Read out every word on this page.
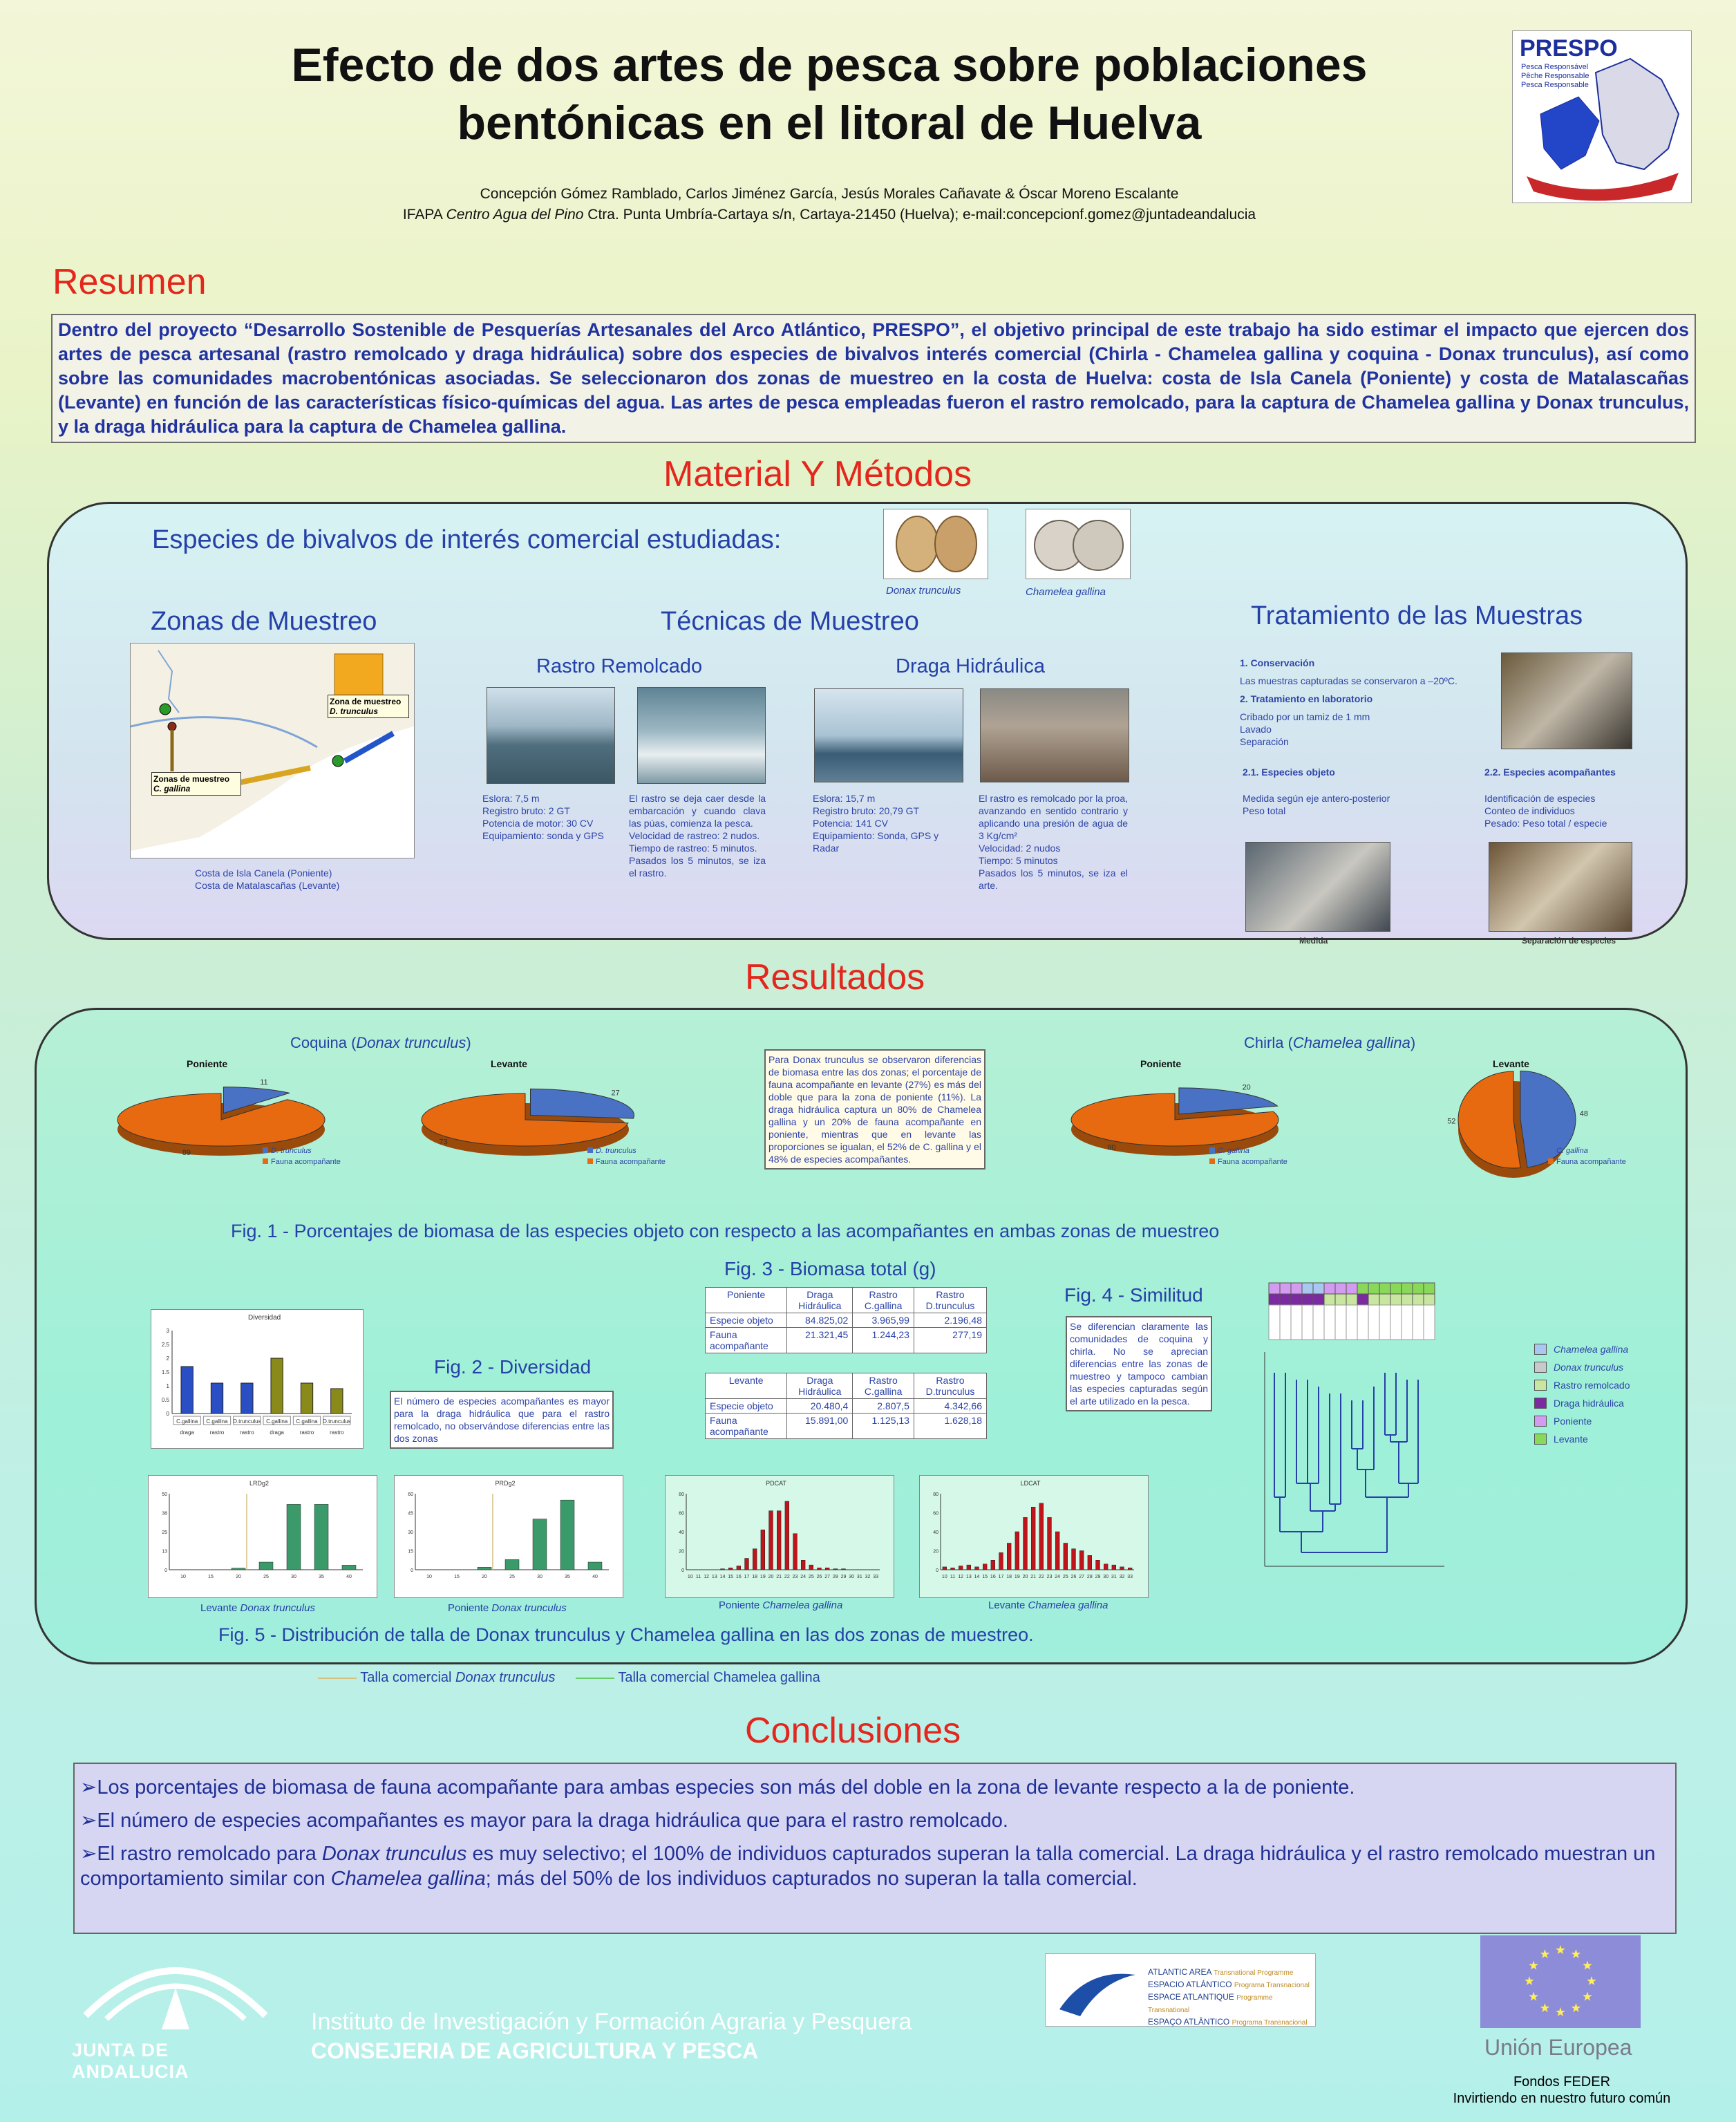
Efecto de dos artes de pesca sobre poblaciones
bentónicas en el litoral de Huelva
Concepción Gómez Ramblado, Carlos Jiménez García, Jesús Morales Cañavate & Óscar Moreno Escalante
IFAPA Centro Agua del Pino Ctra. Punta Umbría-Cartaya s/n, Cartaya-21450 (Huelva); e-mail:concepcionf.gomez@juntadeandalucia
PRESPO
Pesca Responsável
Pêche Responsable
Pesca Responsable
Resumen
Dentro del proyecto “Desarrollo Sostenible de Pesquerías Artesanales del Arco Atlántico, PRESPO”, el objetivo principal de este trabajo ha sido estimar el impacto que ejercen dos artes de pesca artesanal (rastro remolcado y draga hidráulica) sobre dos especies de bivalvos interés comercial (Chirla - Chamelea gallina y coquina - Donax trunculus), así como sobre las comunidades macrobentónicas asociadas. Se seleccionaron dos zonas de muestreo en la costa de Huelva: costa de Isla Canela (Poniente) y costa de Matalascañas (Levante) en función de las características físico-químicas del agua. Las artes de pesca empleadas fueron el rastro remolcado, para la captura de Chamelea gallina y Donax trunculus, y la draga hidráulica para la captura de Chamelea gallina.
Material Y Métodos
Especies de bivalvos de interés comercial estudiadas:
Donax trunculus	Chamelea gallina
Zonas de Muestreo
Zona de muestreo
D. trunculus
Zonas de muestreo
C. gallina
Costa de Isla Canela (Poniente)
Costa de Matalascañas (Levante)
Técnicas de Muestreo
Rastro Remolcado	Draga Hidráulica
Eslora: 7,5 m
Registro bruto: 2 GT
Potencia de motor: 30 CV
Equipamiento: sonda y GPS
El rastro se deja caer desde la embarcación y cuando clava las púas, comienza la pesca.
Velocidad de rastreo: 2 nudos.
Tiempo de rastreo: 5 minutos.
Pasados los 5 minutos, se iza el rastro.
Eslora: 15,7 m
Registro bruto: 20,79 GT
Potencia: 141 CV
Equipamiento: Sonda, GPS y Radar
El rastro es remolcado por la proa, avanzando en sentido contrario y aplicando una presión de agua de 3 Kg/cm²
Velocidad: 2 nudos
Tiempo: 5 minutos
Pasados los 5 minutos, se iza el arte.
Tratamiento de las Muestras
1. Conservación
Las muestras capturadas se conservaron a –20ºC.
2. Tratamiento en laboratorio
Cribado por un tamiz de 1 mm
Lavado
Separación
2.1. Especies objeto
Medida según eje antero-posterior
Peso total
2.2. Especies acompañantes
Identificación de especies
Conteo de individuos
Pesado: Peso total / especie
Medida	Separación de especies
Resultados
Coquina (Donax trunculus)	Chirla (Chamelea gallina)
Poniente
11
89	D. trunculus
Fauna acompañante
Levante
27
73
D. trunculus
Fauna acompañante
Poniente
20
80	C. gallina
Fauna acompañante
Levante
48
52
C. gallina
Fauna acompañante
Para Donax trunculus se observaron diferencias de biomasa entre las dos zonas; el porcentaje de fauna acompañante en levante (27%) es más del doble que para la zona de poniente (11%). La draga hidráulica captura un 80% de Chamelea gallina y un 20% de fauna acompañante en poniente, mientras que en levante las proporciones se igualan, el 52% de C. gallina y el 48% de especies acompañantes.
Fig. 1 - Porcentajes de biomasa de las especies objeto con respecto a las acompañantes en ambas zonas de muestreo
Diversidad
0
0.5
1
1.5
2
2.5
3
C.gallina
draga
C.gallina
rastro
D.trunculus
rastro
C.gallina
draga
C.gallina
rastro
D.trunculus
rastro
Fig. 2 - Diversidad
El número de especies acompañantes es mayor para la draga hidráulica que para el rastro remolcado, no observándose diferencias entre las dos zonas
Fig. 3 - Biomasa total (g)
Poniente	Draga Hidráulica	Rastro C.gallina	Rastro D.trunculus
Especie objeto	84.825,02	3.965,99	2.196,48
Fauna acompañante	21.321,45	1.244,23	277,19
Levante	Draga Hidráulica	Rastro C.gallina	Rastro D.trunculus
Especie objeto	20.480,4	2.807,5	4.342,66
Fauna acompañante	15.891,00	1.125,13	1.628,18
Fig. 4 - Similitud
Se diferencian claramente las comunidades de coquina y chirla. No se aprecian diferencias entre las zonas de muestreo y tampoco cambian las especies capturadas según el arte utilizado en la pesca.
Chamelea gallina
Donax trunculus
Rastro remolcado
Draga hidráulica
Poniente
Levante
LRDg2
10	15	20	25	30	35	40
0
13
25
38
50
PRDg2
10	15	20	25	30	35	40
0
15
30
45
60
PDCAT
10 11 12 13 14 15 16 17 18 19 20 21 22 23 24 25 26 27 28 29 30 31 32 33
0
20
40
60
80
LDCAT
10 11 12 13 14 15 16 17 18 19 20 21 22 23 24 25 26 27 28 29 30 31 32 33
0
20
40
60
80
Levante Donax trunculus	Poniente Donax trunculus	Poniente Chamelea gallina	Levante Chamelea gallina
Fig. 5 - Distribución de talla de Donax trunculus y Chamelea gallina en las dos zonas de muestreo.
Talla comercial Donax trunculus	Talla comercial Chamelea gallina
Conclusiones

➢Los porcentajes de biomasa de fauna acompañante para ambas especies son más del doble en la zona de levante respecto a la de poniente.

➢El número de especies acompañantes es mayor para la draga hidráulica que para el rastro remolcado.

➢El rastro remolcado para Donax trunculus es muy selectivo; el 100% de individuos capturados superan la talla comercial. La draga hidráulica y el rastro remolcado muestran un comportamiento similar con Chamelea gallina; más del 50% de los individuos capturados no superan la talla comercial.

JUNTA DE ANDALUCIA
Instituto de Investigación y Formación Agraria y Pesquera
CONSEJERIA DE AGRICULTURA Y PESCA
ATLANTIC AREA Transnational Programme
ESPACIO ATLÁNTICO Programa Transnacional
ESPACE ATLANTIQUE Programme Transnational
ESPAÇO ATLÂNTICO Programa Transnacional
★ ★
★
★
★
★
★
★
★
★
★
★
Unión Europea
Fondos FEDER
Invirtiendo en nuestro futuro común
